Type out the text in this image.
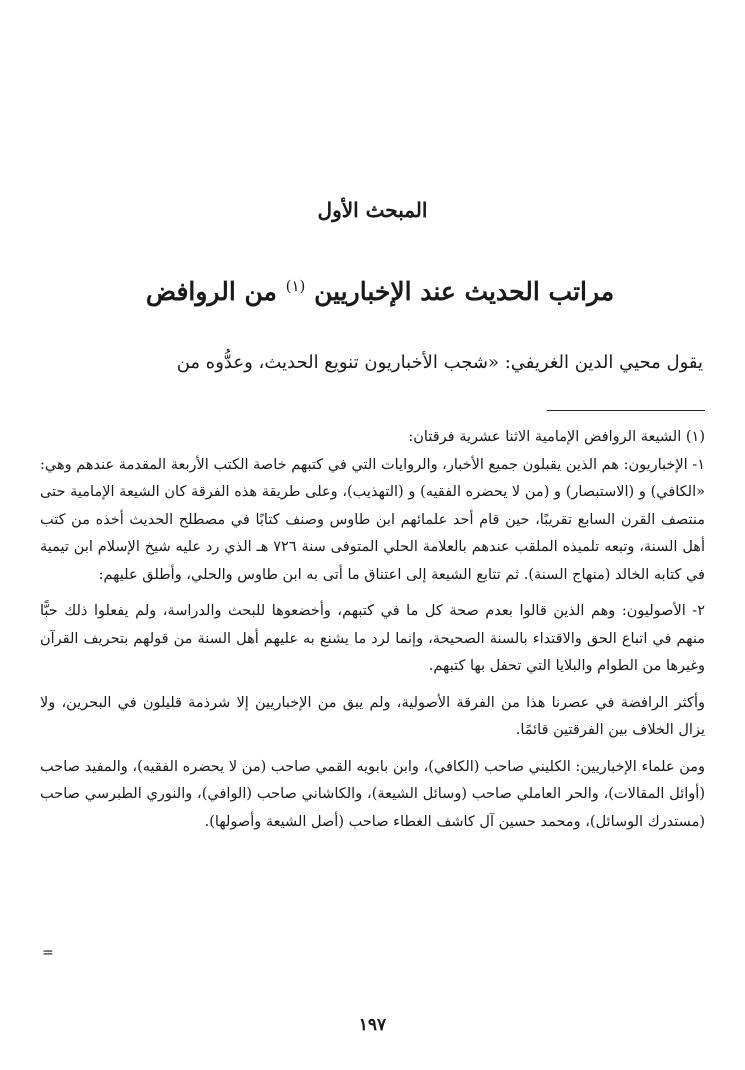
المبحث الأول
مراتب الحديث عند الإخباريين $^{(١)}$ من الروافض

يقول محيي الدين الغريفي: «شجب الأخباريون تنويع الحديث، وعدُّوه من

(١) الشيعة الروافض الإمامية الاثنا عشرية فرقتان:

١- الإخباريون: هم الذين يقبلون جميع الأخبار، والروايات التي في كتبهم خاصة الكتب الأربعة المقدمة عندهم وهي: «الكافي) و (الاستبصار) و (من لا يحضره الفقيه) و (التهذيب)، وعلى طريقة هذه الفرقة كان الشيعة الإمامية حتى منتصف القرن السابع تقريبًا، حين قام أحد علمائهم ابن طاوس وصنف كتابًا في مصطلح الحديث أخذه من كتب أهل السنة، وتبعه تلميذه الملقب عندهم بالعلامة الحلي المتوفى سنة ٧٢٦ هـ الذي رد عليه شيخ الإسلام ابن تيمية في كتابه الخالد (منهاج السنة). ثم تتابع الشيعة إلى اعتناق ما أتى به ابن طاوس والحلي، وأطلق عليهم:

٢- الأصوليون: وهم الذين قالوا بعدم صحة كل ما في كتبهم، وأخضعوها للبحث والدراسة، ولم يفعلوا ذلك حبًّا منهم في اتباع الحق والاقتداء بالسنة الصحيحة، وإنما لرد ما يشنع به عليهم أهل السنة من قولهم بتحريف القرآن وغيرها من الطوام والبلايا التي تحفل بها كتبهم.

وأكثر الرافضة في عصرنا هذا من الفرقة الأصولية، ولم يبق من الإخباريين إلا شرذمة قليلون في البحرين، ولا يزال الخلاف بين الفرقتين قائمًا.

ومن علماء الإخباريين: الكليني صاحب (الكافي)، وابن بابويه القمي صاحب (من لا يحضره الفقيه)، والمفيد صاحب (أوائل المقالات)، والحر العاملي صاحب (وسائل الشيعة)، والكاشاني صاحب (الوافي)، والنوري الطبرسي صاحب (مستدرك الوسائل)، ومحمد حسين آل كاشف الغطاء صاحب (أصل الشيعة وأصولها).

=
١٩٧
